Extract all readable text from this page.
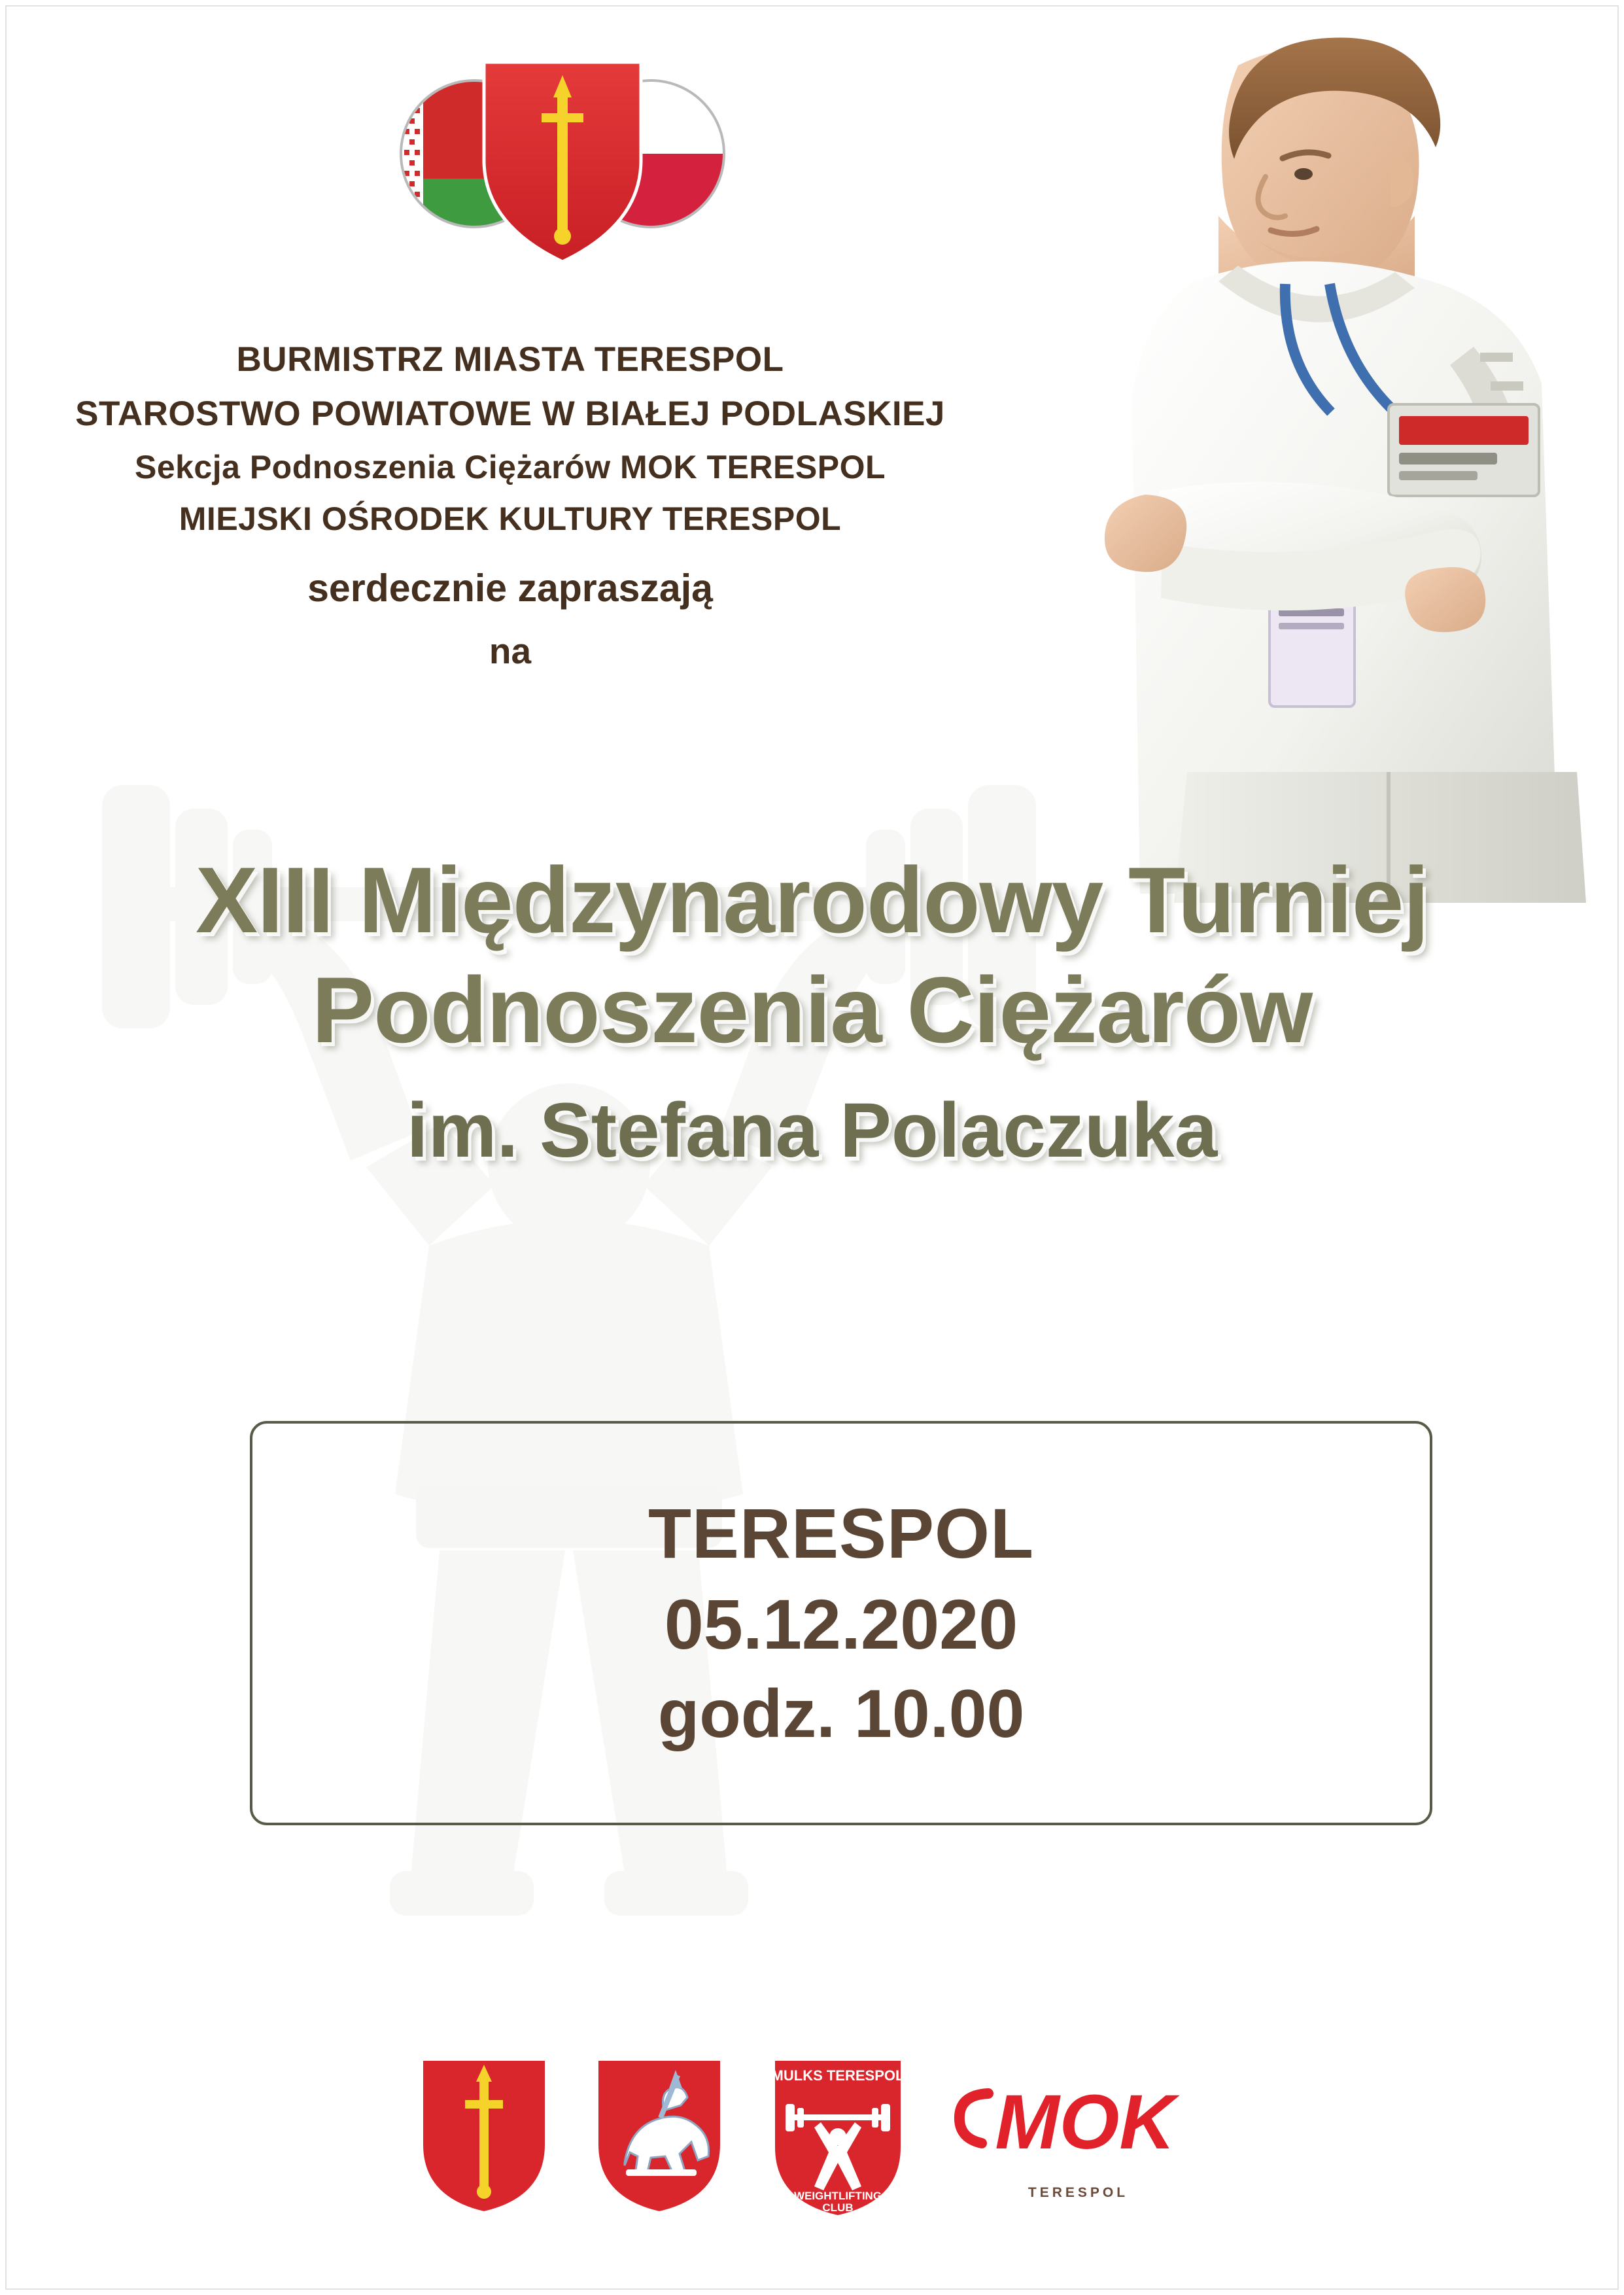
BURMISTRZ MIASTA TERESPOL

STAROSTWO POWIATOWE W BIAŁEJ PODLASKIEJ

Sekcja Podnoszenia Ciężarów MOK TERESPOL

MIEJSKI OŚRODEK KULTURY TERESPOL

serdecznie zapraszają

na

XIII Międzynarodowy Turniej

Podnoszenia Ciężarów

im. Stefana Polaczuka

TERESPOL

05.12.2020

godz. 10.00

MULKS TERESPOL
WEIGHTLIFTING
CLUB
MOK
TERESPOL
